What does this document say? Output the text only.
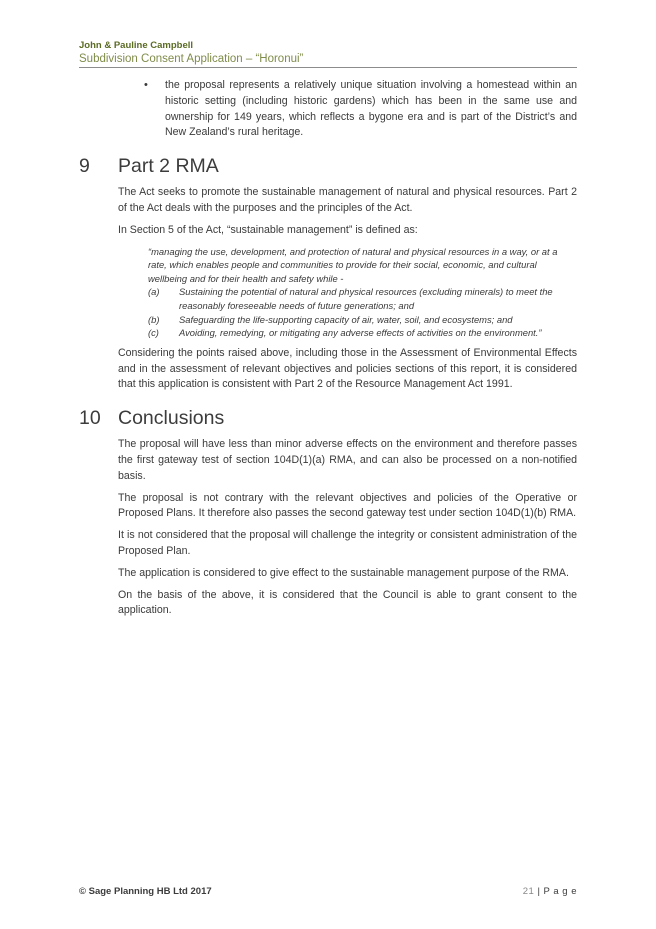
John & Pauline Campbell
Subdivision Consent Application – “Horonui”
• the proposal represents a relatively unique situation involving a homestead within an historic setting (including historic gardens) which has been in the same use and ownership for 149 years, which reflects a bygone era and is part of the District’s and New Zealand’s rural heritage.
9 Part 2 RMA

The Act seeks to promote the sustainable management of natural and physical resources. Part 2 of the Act deals with the purposes and the principles of the Act.

In Section 5 of the Act, “sustainable management” is defined as:

“managing the use, development, and protection of natural and physical resources in a way, or at a rate, which enables people and communities to provide for their social, economic, and cultural wellbeing and for their health and safety while -
(a) Sustaining the potential of natural and physical resources (excluding minerals) to meet the reasonably foreseeable needs of future generations; and
(b) Safeguarding the life-supporting capacity of air, water, soil, and ecosystems; and
(c) Avoiding, remedying, or mitigating any adverse effects of activities on the environment.”

Considering the points raised above, including those in the Assessment of Environmental Effects and in the assessment of relevant objectives and policies sections of this report, it is considered that this application is consistent with Part 2 of the Resource Management Act 1991.

10 Conclusions

The proposal will have less than minor adverse effects on the environment and therefore passes the first gateway test of section 104D(1)(a) RMA, and can also be processed on a non-notified basis.

The proposal is not contrary with the relevant objectives and policies of the Operative or Proposed Plans. It therefore also passes the second gateway test under section 104D(1)(b) RMA.

It is not considered that the proposal will challenge the integrity or consistent administration of the Proposed Plan.

The application is considered to give effect to the sustainable management purpose of the RMA.

On the basis of the above, it is considered that the Council is able to grant consent to the application.

© Sage Planning HB Ltd 2017	21 | P a g e
